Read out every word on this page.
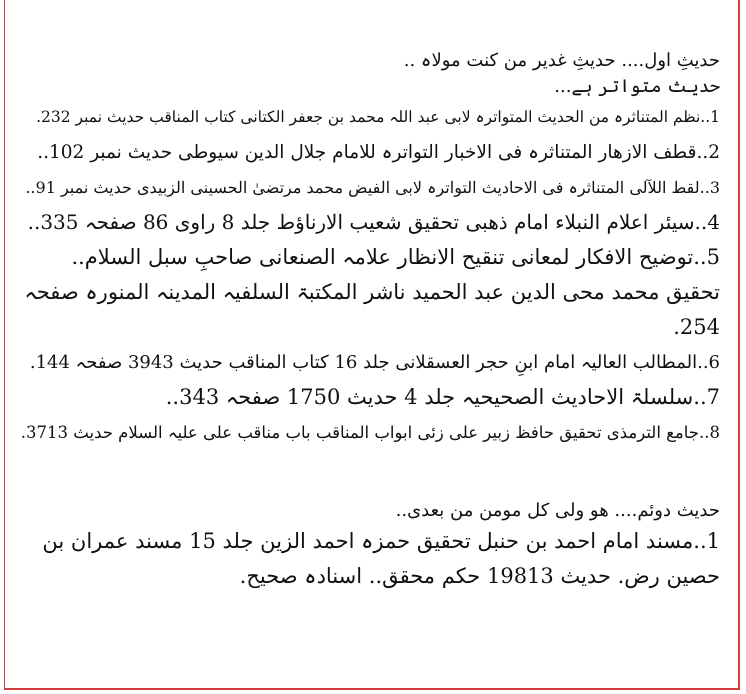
حدیثِ اول.... حدیثِ غدیر من کنت مولاہ ..

حدیث متواتر ہے...

1..نظم المتناثرہ من الحدیث المتواترہ لابی عبد اللہ محمد بن جعفر الکتانی کتاب المناقب حدیث نمبر 232.

2..قطف الازھار المتناثرہ فی الاخبار التواترہ للامام جلال الدین سیوطی حدیث نمبر 102..

3..لقط اللآلی المتناثرہ فی الاحادیث التواترہ لابی الفیض محمد مرتضیٰ الحسینی الزبیدی حدیث نمبر 91..

4..سیئر اعلام النبلاء امام ذھبی تحقیق شعیب الارناؤط جلد 8 راوی 86 صفحہ 335..

5..توضیح الافکار لمعانی تنقیح الانظار علامہ الصنعانی صاحبِ سبل السلام.. تحقیق محمد محی الدین عبد الحمید ناشر المکتبۃ السلفیہ المدینہ المنورہ صفحہ 254.

6..المطالب العالیہ امام ابنِ حجر العسقلانی جلد 16 کتاب المناقب حدیث 3943 صفحہ 144.

7..سلسلۃ الاحادیث الصحیحیہ جلد 4 حدیث 1750 صفحہ 343..

8..جامع الترمذی تحقیق حافظ زبیر علی زئی ابواب المناقب باب مناقب علی علیہ السلام حدیث 3713.

حدیث دوئم.... ھو ولی کل مومن من بعدی..

1..مسند امام احمد بن حنبل تحقیق حمزہ احمد الزین جلد 15 مسند عمران بن حصین رض. حدیث 19813 حکم محقق.. اسنادہ صحیح.
